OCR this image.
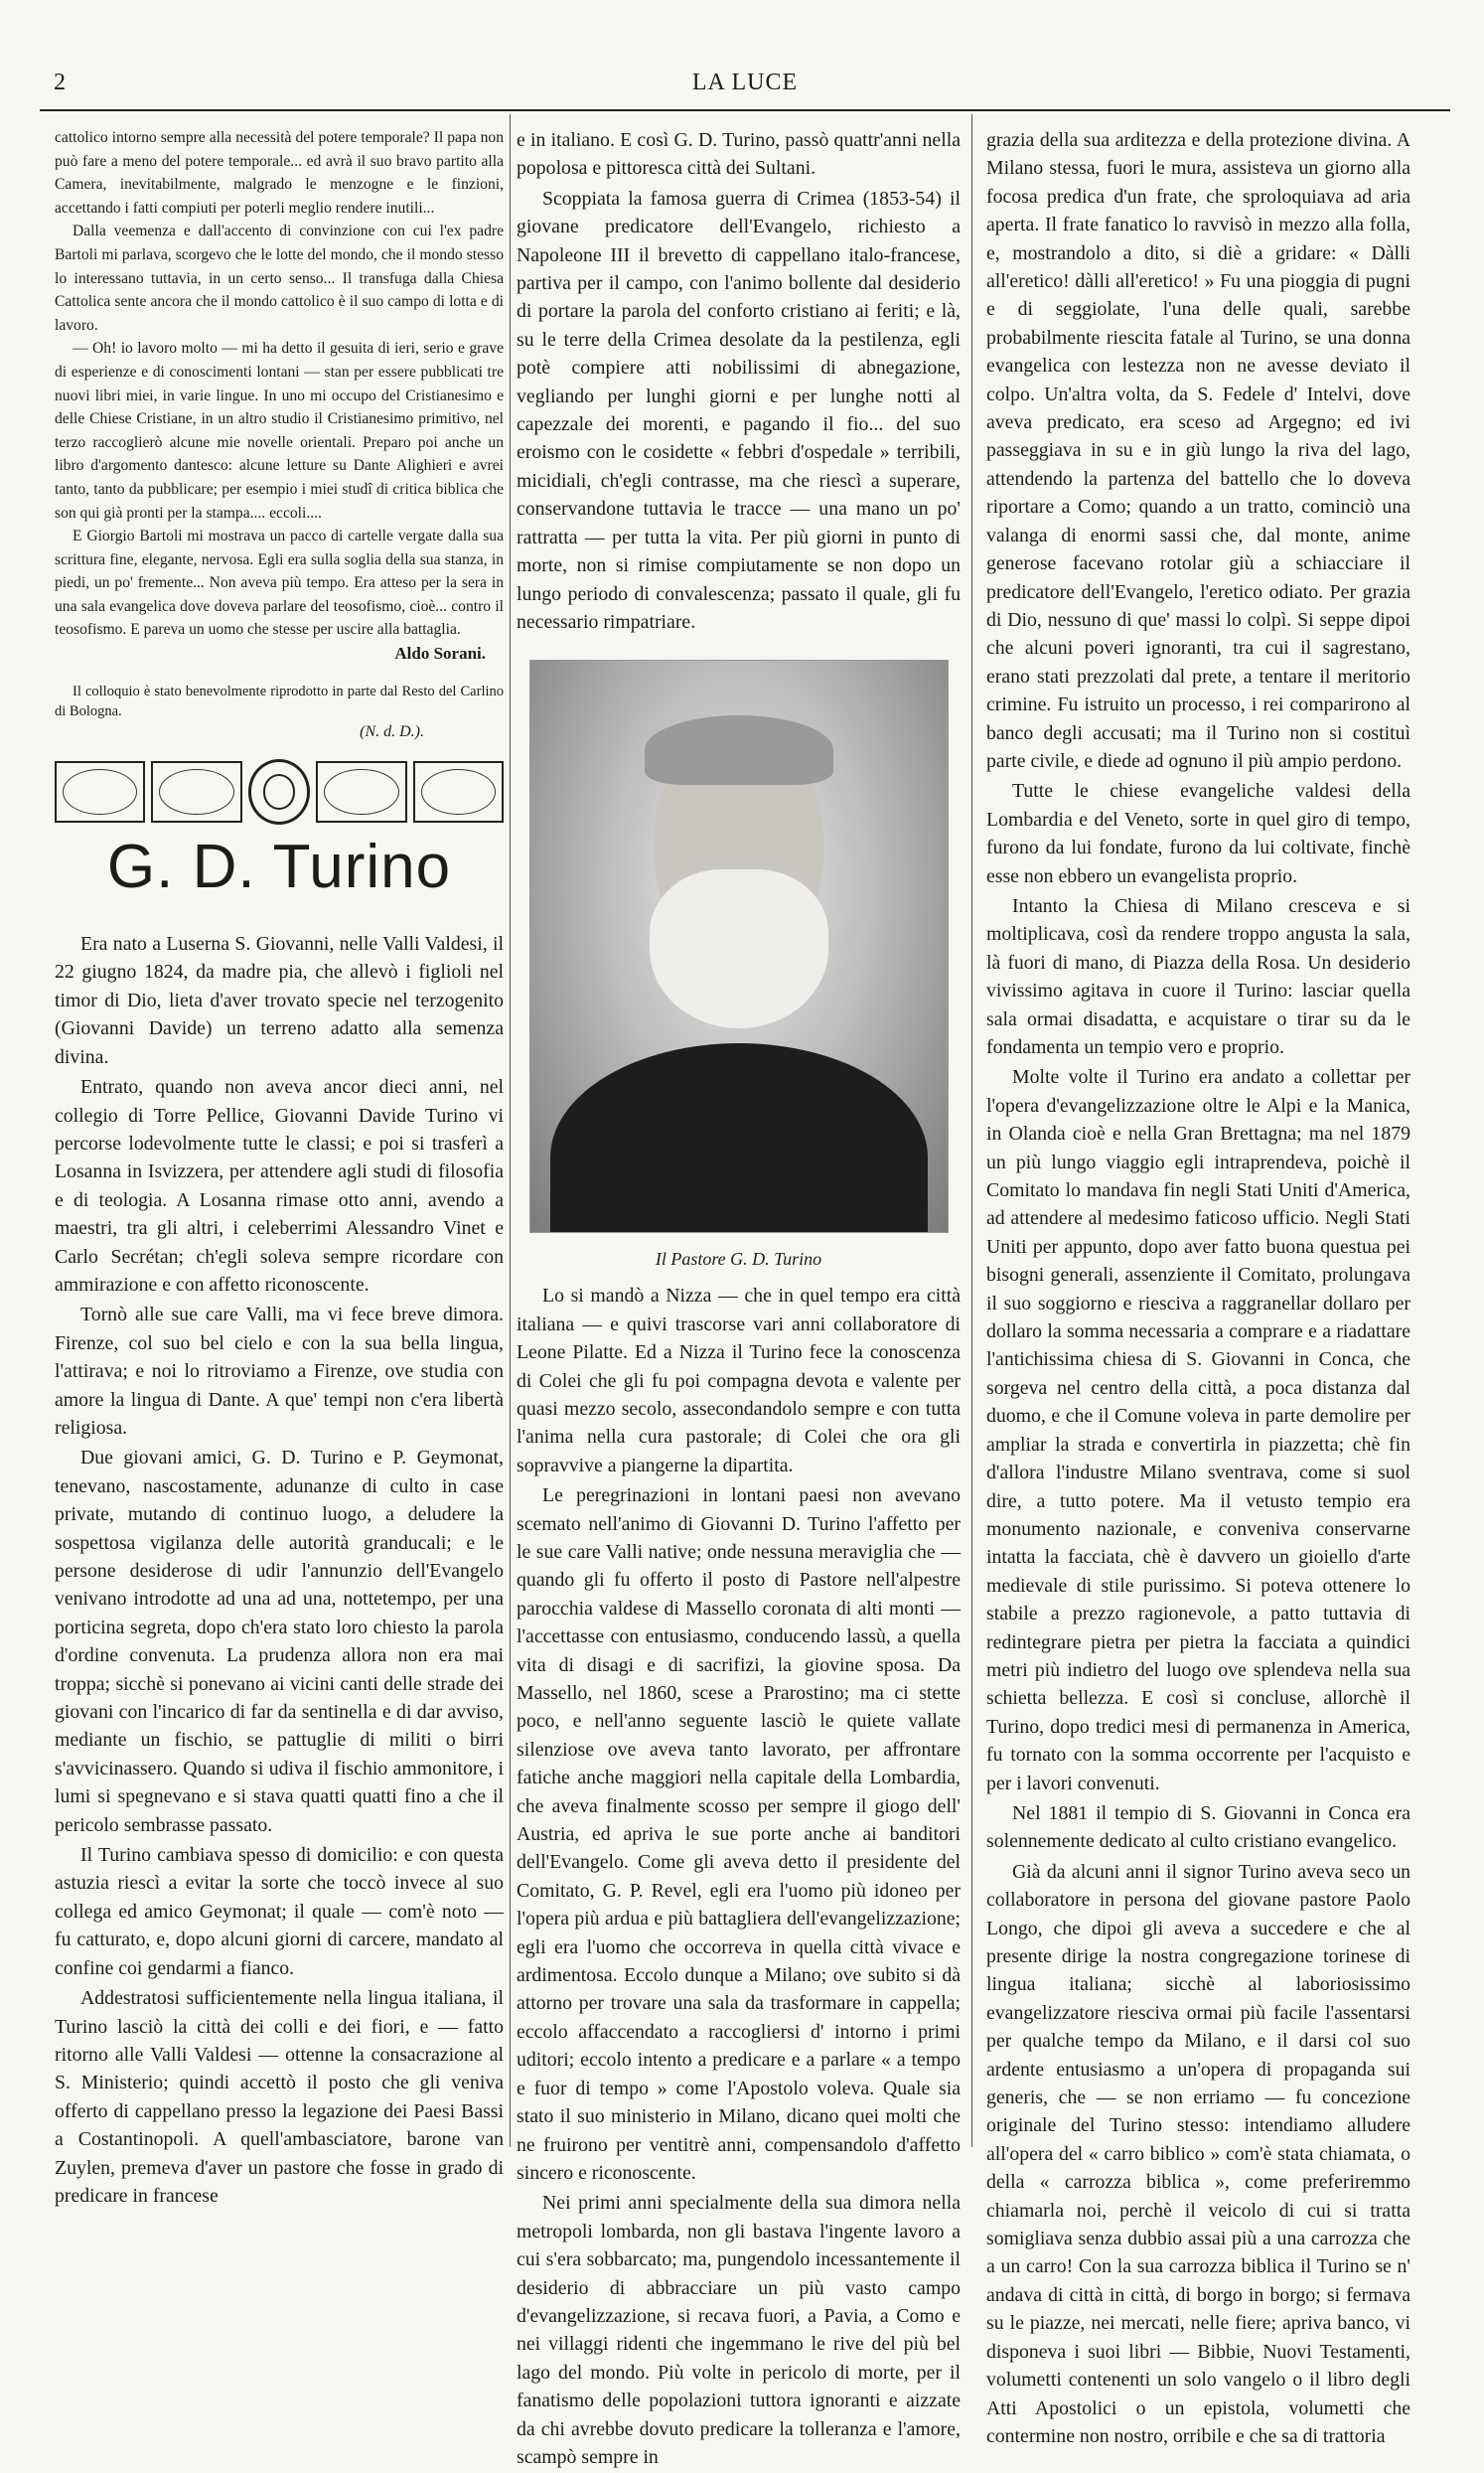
2	LA LUCE

cattolico intorno sempre alla necessità del potere temporale? Il papa non può fare a meno del potere temporale... ed avrà il suo bravo partito alla Camera, inevitabilmente, malgrado le menzogne e le finzioni, accettando i fatti compiuti per poterli meglio rendere inutili...

Dalla veemenza e dall'accento di convinzione con cui l'ex padre Bartoli mi parlava, scorgevo che le lotte del mondo, che il mondo stesso lo interessano tuttavia, in un certo senso... Il transfuga dalla Chiesa Cattolica sente ancora che il mondo cattolico è il suo campo di lotta e di lavoro.

— Oh! io lavoro molto — mi ha detto il gesuita di ieri, serio e grave di esperienze e di conoscimenti lontani — stan per essere pubblicati tre nuovi libri miei, in varie lingue. In uno mi occupo del Cristianesimo e delle Chiese Cristiane, in un altro studio il Cristianesimo primitivo, nel terzo raccoglierò alcune mie novelle orientali. Preparo poi anche un libro d'argomento dantesco: alcune letture su Dante Alighieri e avrei tanto, tanto da pubblicare; per esempio i miei studî di critica biblica che son qui già pronti per la stampa.... eccoli....

E Giorgio Bartoli mi mostrava un pacco di cartelle vergate dalla sua scrittura fine, elegante, nervosa. Egli era sulla soglia della sua stanza, in piedi, un po' fremente... Non aveva più tempo. Era atteso per la sera in una sala evangelica dove doveva parlare del teosofismo, cioè... contro il teosofismo. E pareva un uomo che stesse per uscire alla battaglia.

Aldo Sorani.

Il colloquio è stato benevolmente riprodotto in parte dal Resto del Carlino di Bologna.

(N. d. D.).
G. D. Turino

Era nato a Luserna S. Giovanni, nelle Valli Valdesi, il 22 giugno 1824, da madre pia, che allevò i figlioli nel timor di Dio, lieta d'aver trovato specie nel terzogenito (Giovanni Davide) un terreno adatto alla semenza divina.

Entrato, quando non aveva ancor dieci anni, nel collegio di Torre Pellice, Giovanni Davide Turino vi percorse lodevolmente tutte le classi; e poi si trasferì a Losanna in Isvizzera, per attendere agli studi di filosofia e di teologia. A Losanna rimase otto anni, avendo a maestri, tra gli altri, i celeberrimi Alessandro Vinet e Carlo Secrétan; ch'egli soleva sempre ricordare con ammirazione e con affetto riconoscente.

Tornò alle sue care Valli, ma vi fece breve dimora. Firenze, col suo bel cielo e con la sua bella lingua, l'attirava; e noi lo ritroviamo a Firenze, ove studia con amore la lingua di Dante. A que' tempi non c'era libertà religiosa.

Due giovani amici, G. D. Turino e P. Geymonat, tenevano, nascostamente, adunanze di culto in case private, mutando di continuo luogo, a deludere la sospettosa vigilanza delle autorità granducali; e le persone desiderose di udir l'annunzio dell'Evangelo venivano introdotte ad una ad una, nottetempo, per una porticina segreta, dopo ch'era stato loro chiesto la parola d'ordine convenuta. La prudenza allora non era mai troppa; sicchè si ponevano ai vicini canti delle strade dei giovani con l'incarico di far da sentinella e di dar avviso, mediante un fischio, se pattuglie di militi o birri s'avvicinassero. Quando si udiva il fischio ammonitore, i lumi si spegnevano e si stava quatti quatti fino a che il pericolo sembrasse passato.

Il Turino cambiava spesso di domicilio: e con questa astuzia riescì a evitar la sorte che toccò invece al suo collega ed amico Geymonat; il quale — com'è noto — fu catturato, e, dopo alcuni giorni di carcere, mandato al confine coi gendarmi a fianco.

Addestratosi sufficientemente nella lingua italiana, il Turino lasciò la città dei colli e dei fiori, e — fatto ritorno alle Valli Valdesi — ottenne la consacrazione al S. Ministerio; quindi accettò il posto che gli veniva offerto di cappellano presso la legazione dei Paesi Bassi a Costantinopoli. A quell'ambasciatore, barone van Zuylen, premeva d'aver un pastore che fosse in grado di predicare in francese

e in italiano. E così G. D. Turino, passò quattr'anni nella popolosa e pittoresca città dei Sultani.

Scoppiata la famosa guerra di Crimea (1853-54) il giovane predicatore dell'Evangelo, richiesto a Napoleone III il brevetto di cappellano italo-francese, partiva per il campo, con l'animo bollente dal desiderio di portare la parola del conforto cristiano ai feriti; e là, su le terre della Crimea desolate da la pestilenza, egli potè compiere atti nobilissimi di abnegazione, vegliando per lunghi giorni e per lunghe notti al capezzale dei morenti, e pagando il fio... del suo eroismo con le cosidette « febbri d'ospedale » terribili, micidiali, ch'egli contrasse, ma che riescì a superare, conservandone tuttavia le tracce — una mano un po' rattratta — per tutta la vita. Per più giorni in punto di morte, non si rimise compiutamente se non dopo un lungo periodo di convalescenza; passato il quale, gli fu necessario rimpatriare.

Il Pastore G. D. Turino

Lo si mandò a Nizza — che in quel tempo era città italiana — e quivi trascorse vari anni collaboratore di Leone Pilatte. Ed a Nizza il Turino fece la conoscenza di Colei che gli fu poi compagna devota e valente per quasi mezzo secolo, assecondandolo sempre e con tutta l'anima nella cura pastorale; di Colei che ora gli sopravvive a piangerne la dipartita.

Le peregrinazioni in lontani paesi non avevano scemato nell'animo di Giovanni D. Turino l'affetto per le sue care Valli native; onde nessuna meraviglia che — quando gli fu offerto il posto di Pastore nell'alpestre parocchia valdese di Massello coronata di alti monti — l'accettasse con entusiasmo, conducendo lassù, a quella vita di disagi e di sacrifizi, la giovine sposa. Da Massello, nel 1860, scese a Prarostino; ma ci stette poco, e nell'anno seguente lasciò le quiete vallate silenziose ove aveva tanto lavorato, per affrontare fatiche anche maggiori nella capitale della Lombardia, che aveva finalmente scosso per sempre il giogo dell' Austria, ed apriva le sue porte anche ai banditori dell'Evangelo. Come gli aveva detto il presidente del Comitato, G. P. Revel, egli era l'uomo più idoneo per l'opera più ardua e più battagliera dell'evangelizzazione; egli era l'uomo che occorreva in quella città vivace e ardimentosa. Eccolo dunque a Milano; ove subito si dà attorno per trovare una sala da trasformare in cappella; eccolo affaccendato a raccogliersi d' intorno i primi uditori; eccolo intento a predicare e a parlare « a tempo e fuor di tempo » come l'Apostolo voleva. Quale sia stato il suo ministerio in Milano, dicano quei molti che ne fruirono per ventitrè anni, compensandolo d'affetto sincero e riconoscente.

Nei primi anni specialmente della sua dimora nella metropoli lombarda, non gli bastava l'ingente lavoro a cui s'era sobbarcato; ma, pungendolo incessantemente il desiderio di abbracciare un più vasto campo d'evangelizzazione, si recava fuori, a Pavia, a Como e nei villaggi ridenti che ingemmano le rive del più bel lago del mondo. Più volte in pericolo di morte, per il fanatismo delle popolazioni tuttora ignoranti e aizzate da chi avrebbe dovuto predicare la tolleranza e l'amore, scampò sempre in

grazia della sua arditezza e della protezione divina. A Milano stessa, fuori le mura, assisteva un giorno alla focosa predica d'un frate, che sproloquiava ad aria aperta. Il frate fanatico lo ravvisò in mezzo alla folla, e, mostrandolo a dito, si diè a gridare: « Dàlli all'eretico! dàlli all'eretico! » Fu una pioggia di pugni e di seggiolate, l'una delle quali, sarebbe probabilmente riescita fatale al Turino, se una donna evangelica con lestezza non ne avesse deviato il colpo. Un'altra volta, da S. Fedele d' Intelvi, dove aveva predicato, era sceso ad Argegno; ed ivi passeggiava in su e in giù lungo la riva del lago, attendendo la partenza del battello che lo doveva riportare a Como; quando a un tratto, cominciò una valanga di enormi sassi che, dal monte, anime generose facevano rotolar giù a schiacciare il predicatore dell'Evangelo, l'eretico odiato. Per grazia di Dio, nessuno di que' massi lo colpì. Si seppe dipoi che alcuni poveri ignoranti, tra cui il sagrestano, erano stati prezzolati dal prete, a tentare il meritorio crimine. Fu istruito un processo, i rei comparirono al banco degli accusati; ma il Turino non si costituì parte civile, e diede ad ognuno il più ampio perdono.

Tutte le chiese evangeliche valdesi della Lombardia e del Veneto, sorte in quel giro di tempo, furono da lui fondate, furono da lui coltivate, finchè esse non ebbero un evangelista proprio.

Intanto la Chiesa di Milano cresceva e si moltiplicava, così da rendere troppo angusta la sala, là fuori di mano, di Piazza della Rosa. Un desiderio vivissimo agitava in cuore il Turino: lasciar quella sala ormai disadatta, e acquistare o tirar su da le fondamenta un tempio vero e proprio.

Molte volte il Turino era andato a collettar per l'opera d'evangelizzazione oltre le Alpi e la Manica, in Olanda cioè e nella Gran Brettagna; ma nel 1879 un più lungo viaggio egli intraprendeva, poichè il Comitato lo mandava fin negli Stati Uniti d'America, ad attendere al medesimo faticoso ufficio. Negli Stati Uniti per appunto, dopo aver fatto buona questua pei bisogni generali, assenziente il Comitato, prolungava il suo soggiorno e riesciva a raggranellar dollaro per dollaro la somma necessaria a comprare e a riadattare l'antichissima chiesa di S. Giovanni in Conca, che sorgeva nel centro della città, a poca distanza dal duomo, e che il Comune voleva in parte demolire per ampliar la strada e convertirla in piazzetta; chè fin d'allora l'industre Milano sventrava, come si suol dire, a tutto potere. Ma il vetusto tempio era monumento nazionale, e conveniva conservarne intatta la facciata, chè è davvero un gioiello d'arte medievale di stile purissimo. Si poteva ottenere lo stabile a prezzo ragionevole, a patto tuttavia di redintegrare pietra per pietra la facciata a quindici metri più indietro del luogo ove splendeva nella sua schietta bellezza. E così si concluse, allorchè il Turino, dopo tredici mesi di permanenza in America, fu tornato con la somma occorrente per l'acquisto e per i lavori convenuti.

Nel 1881 il tempio di S. Giovanni in Conca era solennemente dedicato al culto cristiano evangelico.

Già da alcuni anni il signor Turino aveva seco un collaboratore in persona del giovane pastore Paolo Longo, che dipoi gli aveva a succedere e che al presente dirige la nostra congregazione torinese di lingua italiana; sicchè al laboriosissimo evangelizzatore riesciva ormai più facile l'assentarsi per qualche tempo da Milano, e il darsi col suo ardente entusiasmo a un'opera di propaganda sui generis, che — se non erriamo — fu concezione originale del Turino stesso: intendiamo alludere all'opera del « carro biblico » com'è stata chiamata, o della « carrozza biblica », come preferiremmo chiamarla noi, perchè il veicolo di cui si tratta somigliava senza dubbio assai più a una carrozza che a un carro! Con la sua carrozza biblica il Turino se n' andava di città in città, di borgo in borgo; si fermava su le piazze, nei mercati, nelle fiere; apriva banco, vi disponeva i suoi libri — Bibbie, Nuovi Testamenti, volumetti contenenti un solo vangelo o il libro degli Atti Apostolici o un epistola, volumetti che contermine non nostro, orribile e che sa di trattoria
